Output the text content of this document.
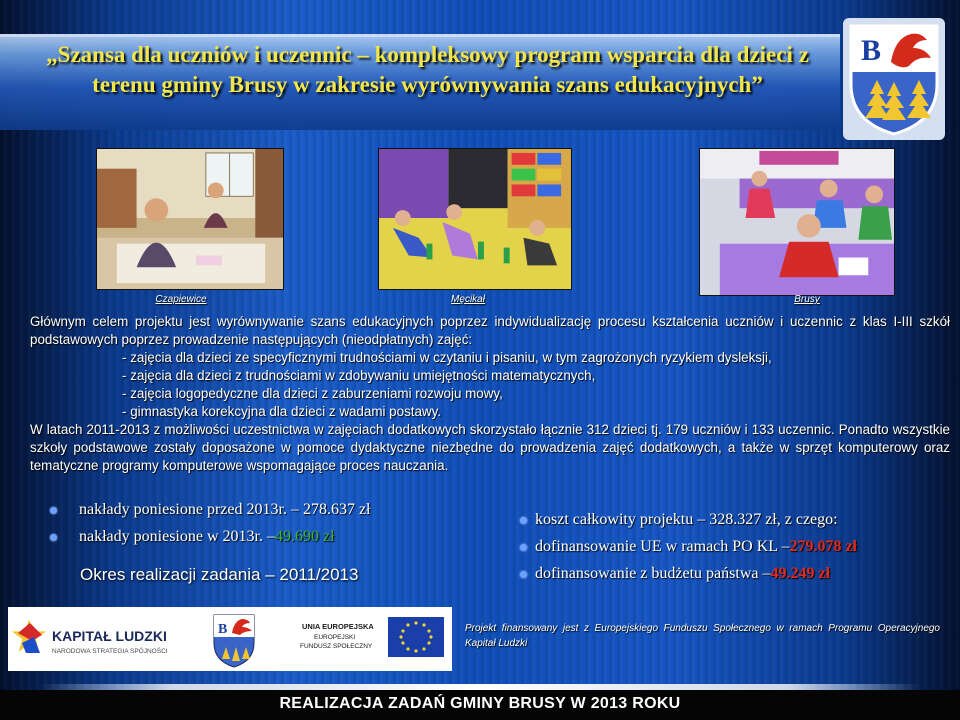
„Szansa dla uczniów i uczennic – kompleksowy program wsparcia dla dzieci z terenu gminy Brusy w zakresie wyrównywania szans edukacyjnych”
B
Czapiewice	Męcikał	Brusy

Głównym celem projektu jest wyrównywanie szans edukacyjnych poprzez indywidualizację procesu kształcenia uczniów i uczennic z klas I-III szkół podstawowych poprzez prowadzenie następujących (nieodpłatnych) zajęć:

- zajęcia dla dzieci ze specyficznymi trudnościami w czytaniu i pisaniu, w tym zagrożonych ryzykiem dysleksji,
- zajęcia dla dzieci z trudnościami w zdobywaniu umiejętności matematycznych,
- zajęcia logopedyczne dla dzieci z zaburzeniami rozwoju mowy,
- gimnastyka korekcyjna dla dzieci z wadami postawy.

W latach 2011-2013 z możliwości uczestnictwa w zajęciach dodatkowych skorzystało łącznie 312 dzieci tj. 179 uczniów i 133 uczennic. Ponadto wszystkie szkoły podstawowe zostały doposażone w pomoce dydaktyczne niezbędne do prowadzenia zajęć dodatkowych, a także w sprzęt komputerowy oraz tematyczne programy komputerowe wspomagające proces nauczania.

nakłady poniesione przed 2013r. – 278.637 zł
nakłady poniesione w 2013r. – 49.690 zł
Okres realizacji zadania – 2011/2013
koszt całkowity projektu – 328.327 zł, z czego:
dofinansowanie UE w ramach PO KL – 279.078 zł
dofinansowanie z budżetu państwa – 49.249 zł
KAPITAŁ LUDZKI
NARODOWA STRATEGIA SPÓJNOŚCI
B	UNIA EUROPEJSKA
EUROPEJSKI
FUNDUSZ SPOŁECZNY
Projekt finansowany jest z Europejskiego Funduszu Społecznego w ramach Programu Operacyjnego Kapitał Ludzki
REALIZACJA ZADAŃ GMINY BRUSY W 2013 ROKU
